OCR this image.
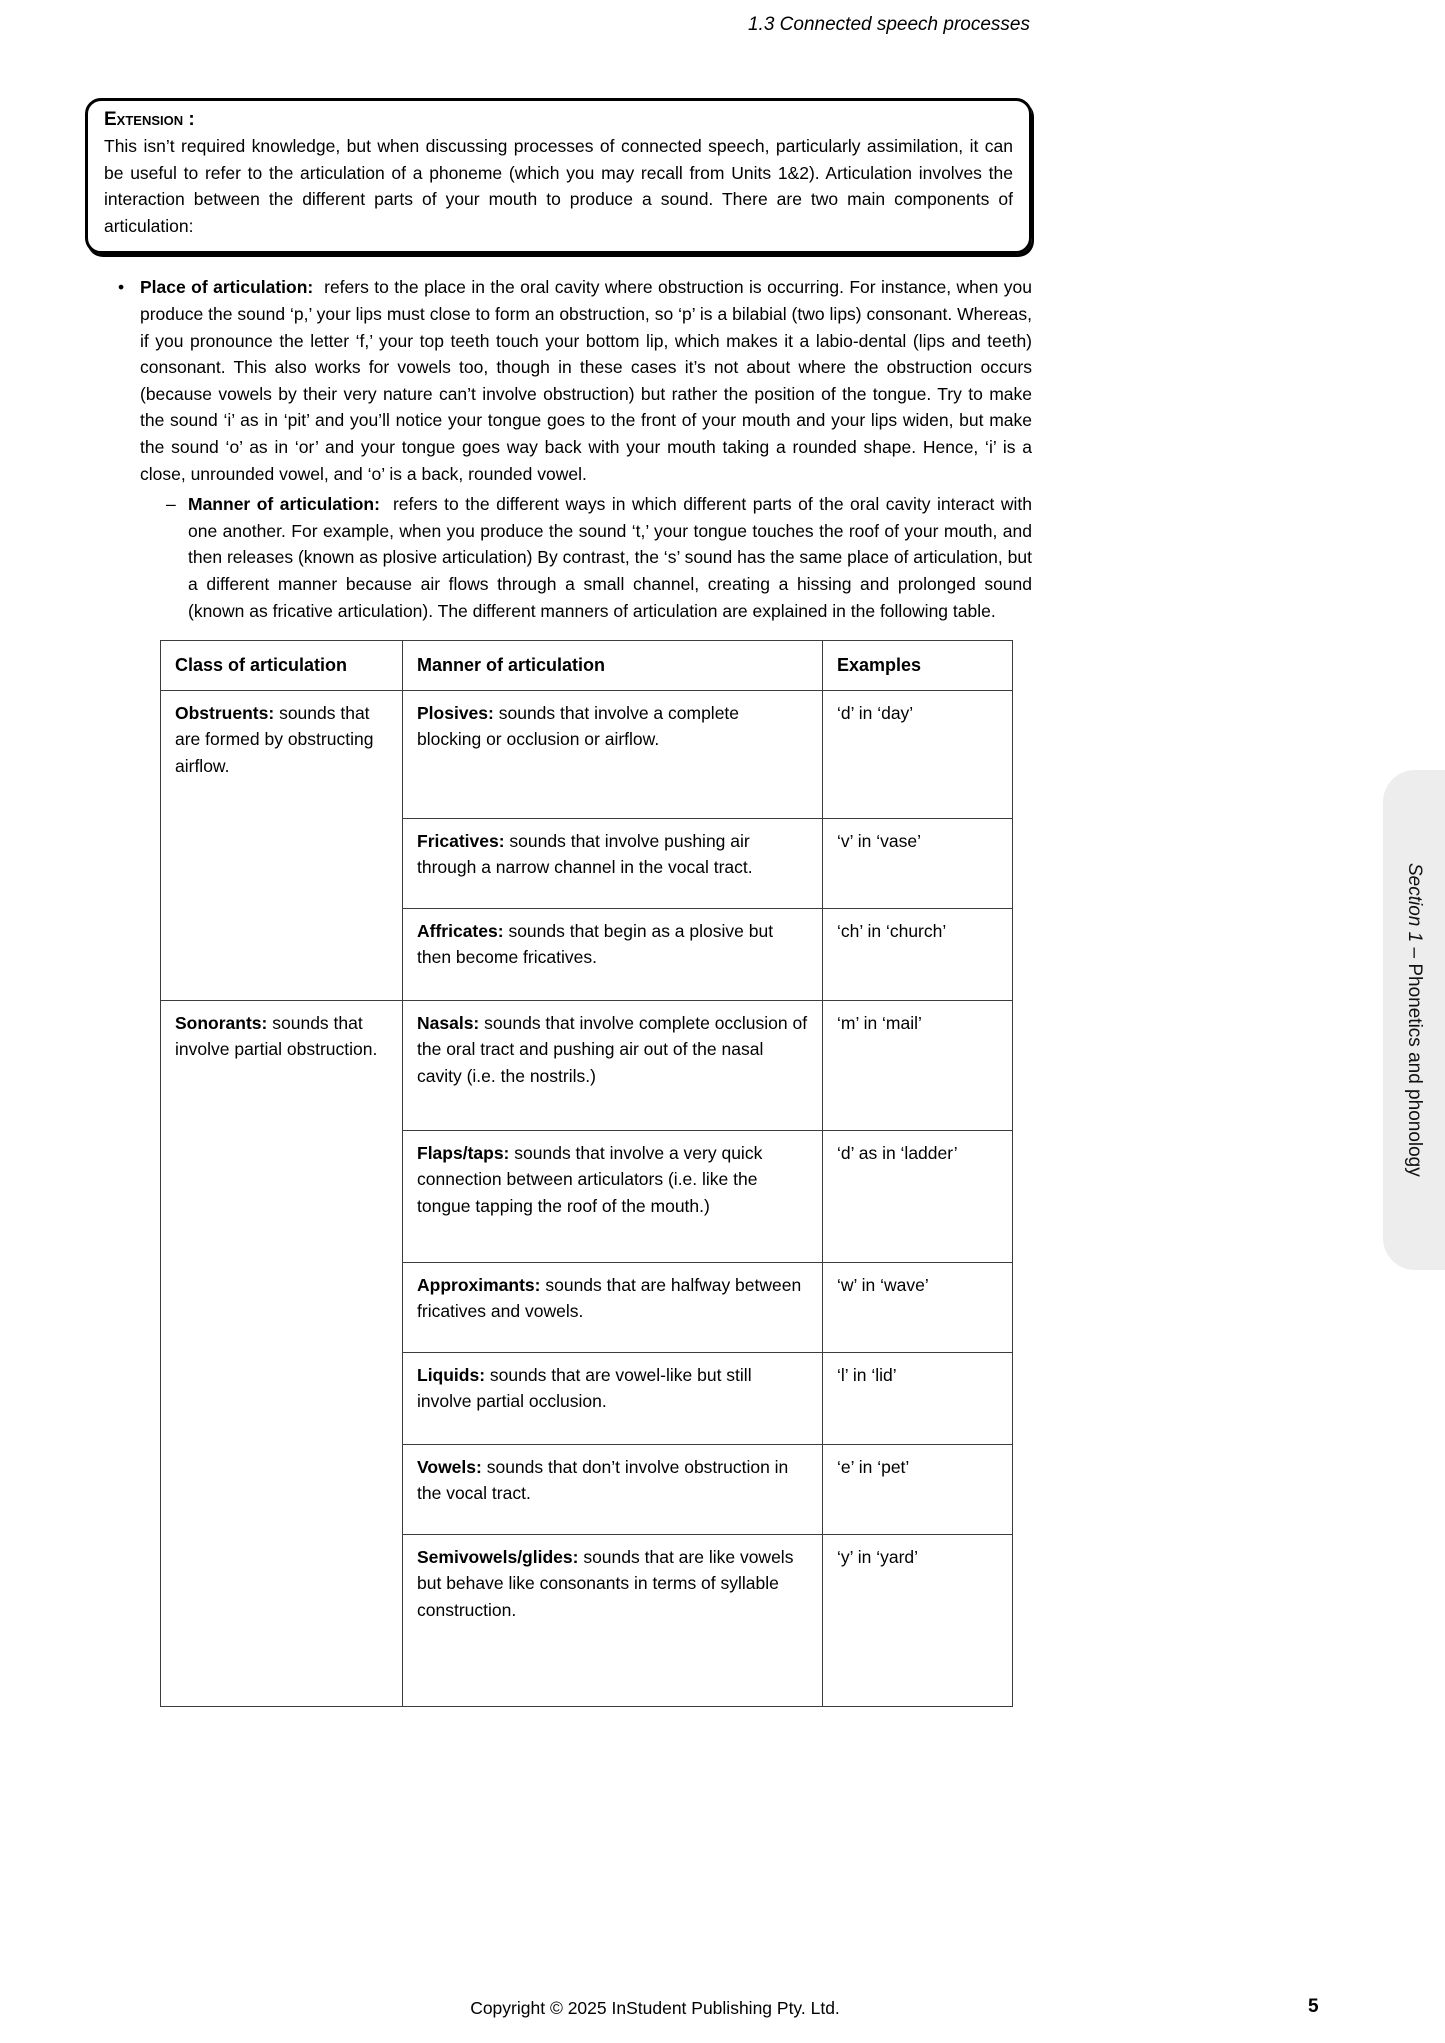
1.3 Connected speech processes
Extension :
This isn’t required knowledge, but when discussing processes of connected speech, particularly assimilation, it can be useful to refer to the articulation of a phoneme (which you may recall from Units 1&2). Articulation involves the interaction between the different parts of your mouth to produce a sound. There are two main components of articulation:
• Place of articulation: refers to the place in the oral cavity where obstruction is occurring. For instance, when you produce the sound ‘p,’ your lips must close to form an obstruction, so ‘p’ is a bilabial (two lips) consonant. Whereas, if you pronounce the letter ‘f,’ your top teeth touch your bottom lip, which makes it a labio-dental (lips and teeth) consonant. This also works for vowels too, though in these cases it’s not about where the obstruction occurs (because vowels by their very nature can’t involve obstruction) but rather the position of the tongue. Try to make the sound ‘i’ as in ‘pit’ and you’ll notice your tongue goes to the front of your mouth and your lips widen, but make the sound ‘o’ as in ‘or’ and your tongue goes way back with your mouth taking a rounded shape. Hence, ‘i’ is a close, unrounded vowel, and ‘o’ is a back, rounded vowel.
– Manner of articulation: refers to the different ways in which different parts of the oral cavity interact with one another. For example, when you produce the sound ‘t,’ your tongue touches the roof of your mouth, and then releases (known as plosive articulation) By contrast, the ‘s’ sound has the same place of articulation, but a different manner because air flows through a small channel, creating a hissing and prolonged sound (known as fricative articulation). The different manners of articulation are explained in the following table.
Class of articulation	Manner of articulation	Examples
Obstruents: sounds that are formed by obstructing airflow.	Plosives: sounds that involve a complete blocking or occlusion or airflow.	‘d’ in ‘day’
	Fricatives: sounds that involve pushing air through a narrow channel in the vocal tract.	‘v’ in ‘vase’
	Affricates: sounds that begin as a plosive but then become fricatives.	‘ch’ in ‘church’
Sonorants: sounds that involve partial obstruction.	Nasals: sounds that involve complete occlusion of the oral tract and pushing air out of the nasal cavity (i.e. the nostrils.)	‘m’ in ‘mail’
	Flaps/taps: sounds that involve a very quick connection between articulators (i.e. like the tongue tapping the roof of the mouth.)	‘d’ as in ‘ladder’
	Approximants: sounds that are halfway between fricatives and vowels.	‘w’ in ‘wave’
	Liquids: sounds that are vowel-like but still involve partial occlusion.	‘l’ in ‘lid’
	Vowels: sounds that don’t involve obstruction in the vocal tract.	‘e’ in ‘pet’
	Semivowels/glides: sounds that are like vowels but behave like consonants in terms of syllable construction.	‘y’ in ‘yard’
Section 1 – Phonetics and phonology
Copyright © 2025 InStudent Publishing Pty. Ltd.	5
